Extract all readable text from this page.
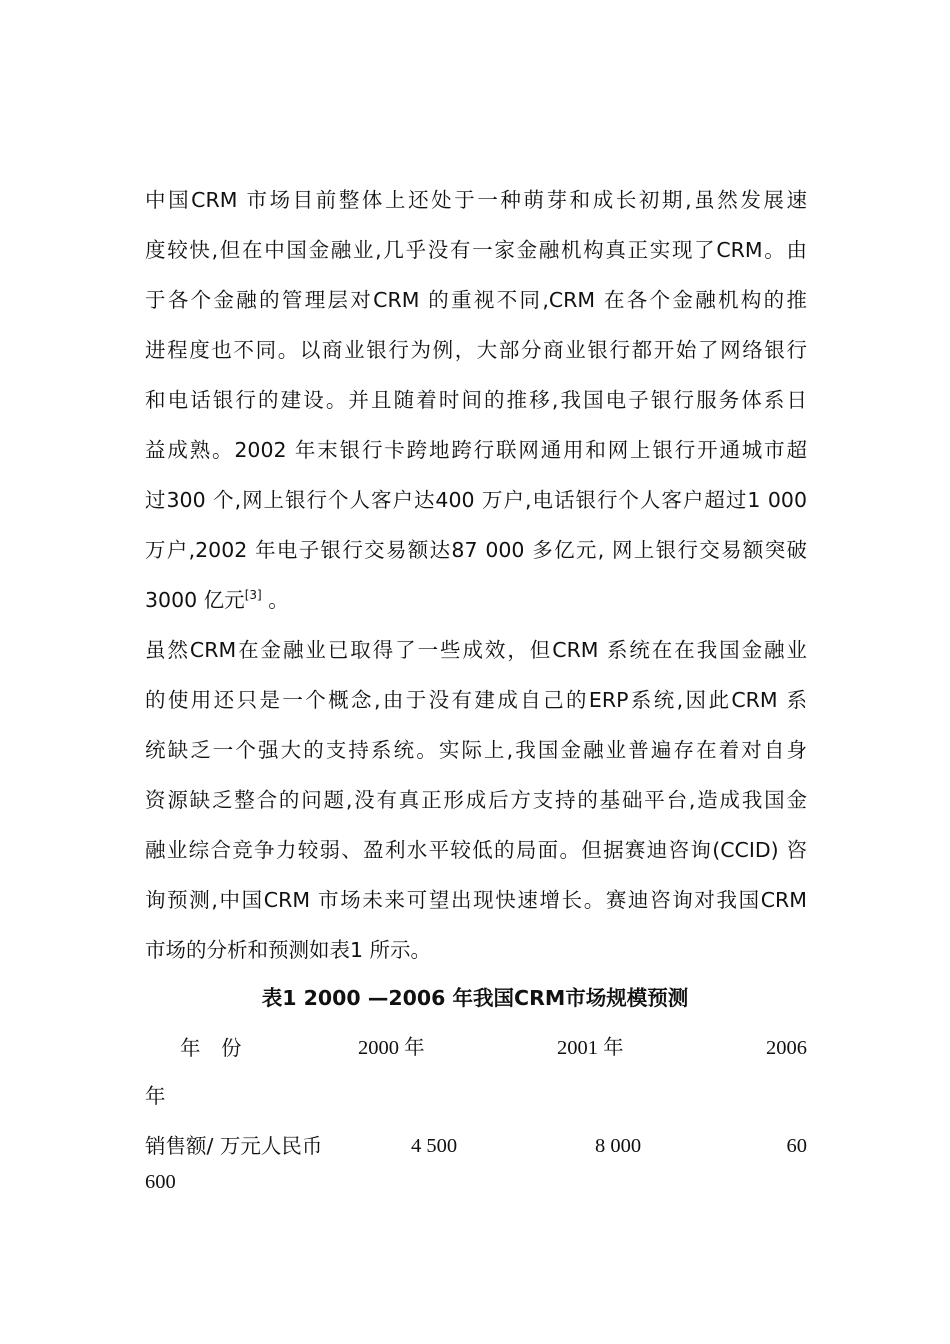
中国CRM 市场目前整体上还处于一种萌芽和成长初期,虽然发展速
度较快,但在中国金融业,几乎没有一家金融机构真正实现了CRM。由
于各个金融的管理层对CRM 的重视不同,CRM 在各个金融机构的推
进程度也不同。以商业银行为例，大部分商业银行都开始了网络银行
和电话银行的建设。并且随着时间的推移,我国电子银行服务体系日
益成熟。2002 年末银行卡跨地跨行联网通用和网上银行开通城市超
过300 个,网上银行个人客户达400 万户,电话银行个人客户超过1 000
万户,2002 年电子银行交易额达87 000 多亿元, 网上银行交易额突破
3000 亿元[3] 。
虽然CRM在金融业已取得了一些成效，但CRM 系统在在我国金融业
的使用还只是一个概念,由于没有建成自己的ERP系统,因此CRM 系
统缺乏一个强大的支持系统。实际上,我国金融业普遍存在着对自身
资源缺乏整合的问题,没有真正形成后方支持的基础平台,造成我国金
融业综合竞争力较弱、盈利水平较低的局面。但据赛迪咨询(CCID) 咨
询预测,中国CRM 市场未来可望出现快速增长。赛迪咨询对我国CRM
市场的分析和预测如表1 所示。
表1 2000 —2006 年我国CRM市场规模预测
年　份	2000 年	2001 年	2006
年
销售额/ 万元人民币	4 500	8 000	60
600
